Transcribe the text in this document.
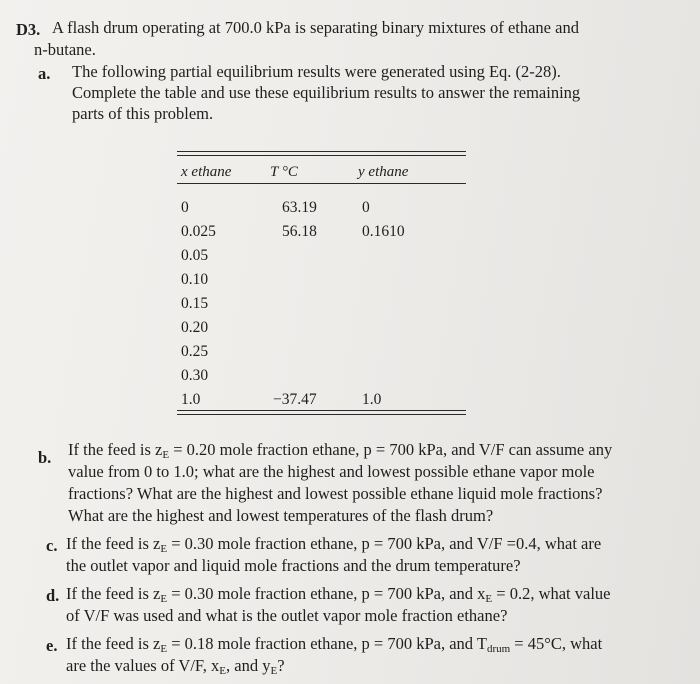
D3. A flash drum operating at 700.0 kPa is separating binary mixtures of ethane and
n-butane.
a. The following partial equilibrium results were generated using Eq. (2-28).
Complete the table and use these equilibrium results to answer the remaining
parts of this problem.
x ethane	T °C	y ethane
0	63.19	0
0.025	56.18	0.1610
0.05
0.10
0.15
0.20
0.25
0.30
1.0	−37.47	1.0
b. If the feed is $z_E = 0.20$ mole fraction ethane, p = 700 kPa, and V/F can assume any
value from 0 to 1.0; what are the highest and lowest possible ethane vapor mole
fractions? What are the highest and lowest possible ethane liquid mole fractions?
What are the highest and lowest temperatures of the flash drum?
c. If the feed is $z_E = 0.30$ mole fraction ethane, p = 700 kPa, and V/F =0.4, what are
the outlet vapor and liquid mole fractions and the drum temperature?
d. If the feed is $z_E = 0.30$ mole fraction ethane, p = 700 kPa, and $x_E = 0.2$, what value
of V/F was used and what is the outlet vapor mole fraction ethane?
e. If the feed is $z_E = 0.18$ mole fraction ethane, p = 700 kPa, and $T_{drum} = 45^\circ C$, what
are the values of V/F, $x_E$, and $y_E$?
